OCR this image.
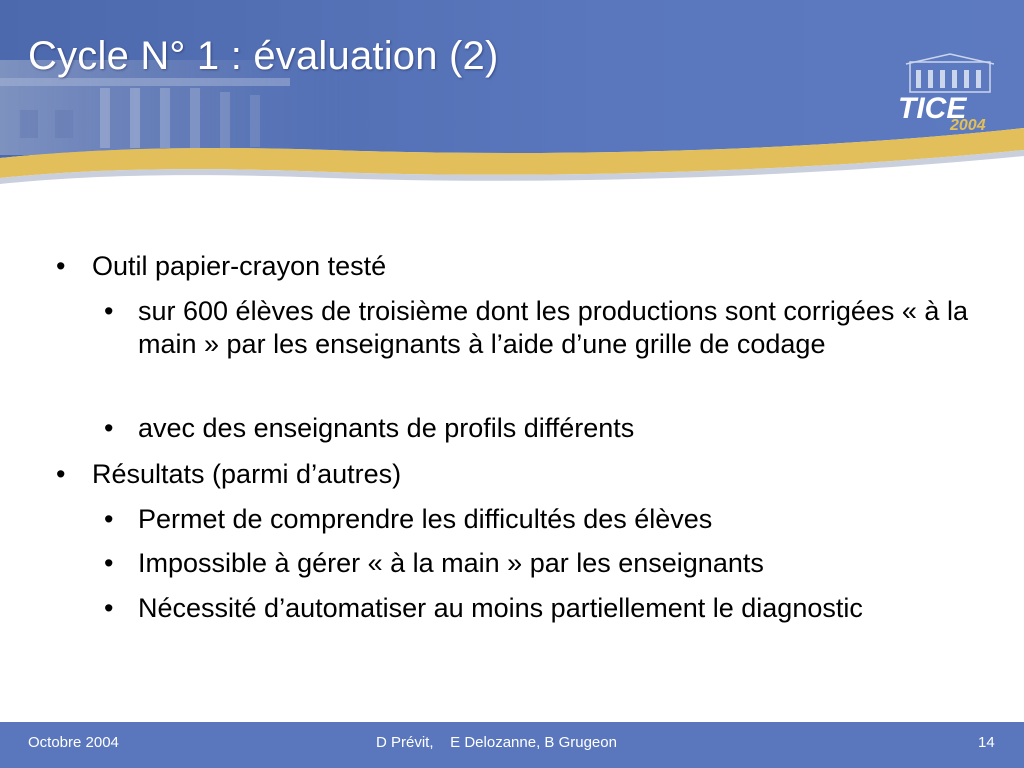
Cycle N° 1 : évaluation (2)
TICE
2004
• Outil papier-crayon testé
• sur 600 élèves de troisième dont les productions sont corrigées « à la main » par les enseignants à l’aide d’une grille de codage
• avec des enseignants de profils différents
• Résultats (parmi d’autres)
• Permet de comprendre les difficultés des élèves
• Impossible à gérer « à la main » par les enseignants
• Nécessité d’automatiser au moins partiellement le diagnostic
Octobre 2004	D Prévit,    E Delozanne, B Grugeon	14
